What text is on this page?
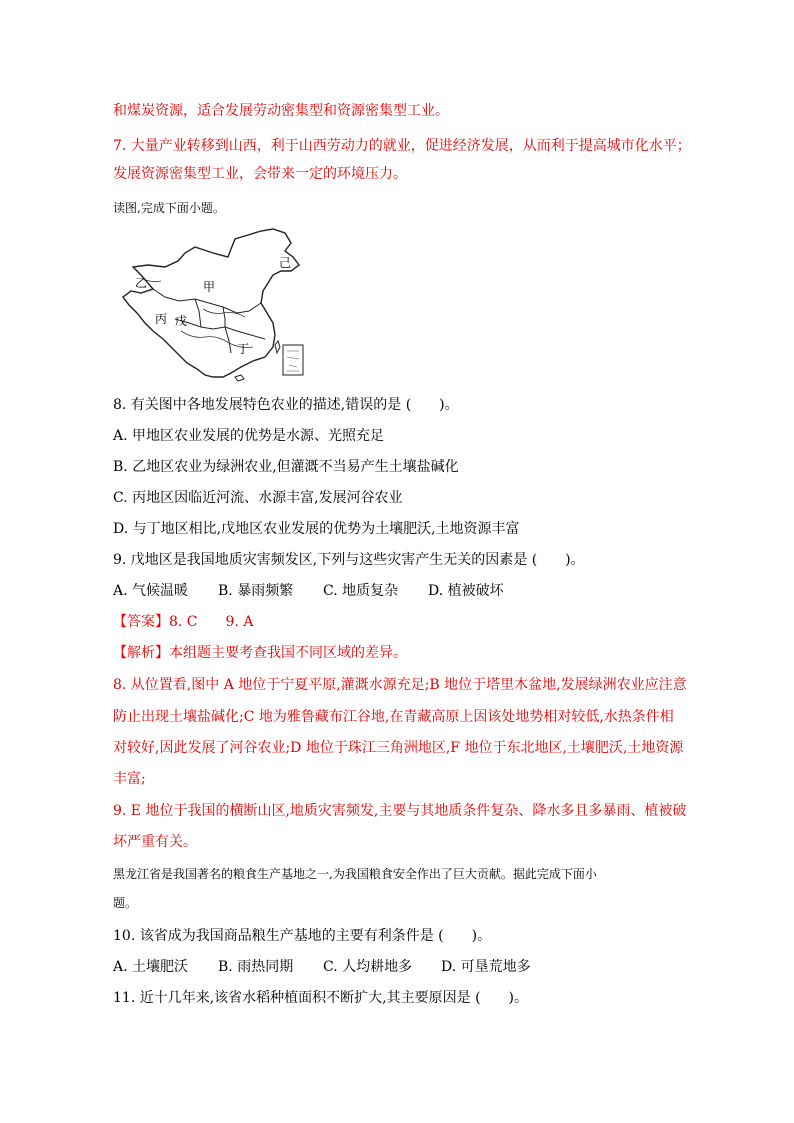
和煤炭资源，适合发展劳动密集型和资源密集型工业。
7. 大量产业转移到山西，利于山西劳动力的就业，促进经济发展，从而利于提高城市化水平；
发展资源密集型工业，会带来一定的环境压力。
读图,完成下面小题。
甲
乙
丙 戊
丁
己
8. 有关图中各地发展特色农业的描述,错误的是 (　　)。
A. 甲地区农业发展的优势是水源、光照充足
B. 乙地区农业为绿洲农业,但灌溉不当易产生土壤盐碱化
C. 丙地区因临近河流、水源丰富,发展河谷农业
D. 与丁地区相比,戊地区农业发展的优势为土壤肥沃,土地资源丰富
9. 戊地区是我国地质灾害频发区,下列与这些灾害产生无关的因素是 (　　)。
A. 气候温暖 B. 暴雨频繁 C. 地质复杂 D. 植被破坏
【答案】8. C　　9. A
【解析】本组题主要考查我国不同区域的差异。
8. 从位置看,图中 A 地位于宁夏平原,灌溉水源充足;B 地位于塔里木盆地,发展绿洲农业应注意
防止出现土壤盐碱化;C 地为雅鲁藏布江谷地,在青藏高原上因该处地势相对较低,水热条件相
对较好,因此发展了河谷农业;D 地位于珠江三角洲地区,F 地位于东北地区,土壤肥沃,土地资源
丰富;
9. E 地位于我国的横断山区,地质灾害频发,主要与其地质条件复杂、降水多且多暴雨、植被破
坏严重有关。
黑龙江省是我国著名的粮食生产基地之一,为我国粮食安全作出了巨大贡献。据此完成下面小
题。
10. 该省成为我国商品粮生产基地的主要有利条件是 (　　)。
A. 土壤肥沃 B. 雨热同期 C. 人均耕地多 D. 可垦荒地多
11. 近十几年来,该省水稻种植面积不断扩大,其主要原因是 (　　)。
